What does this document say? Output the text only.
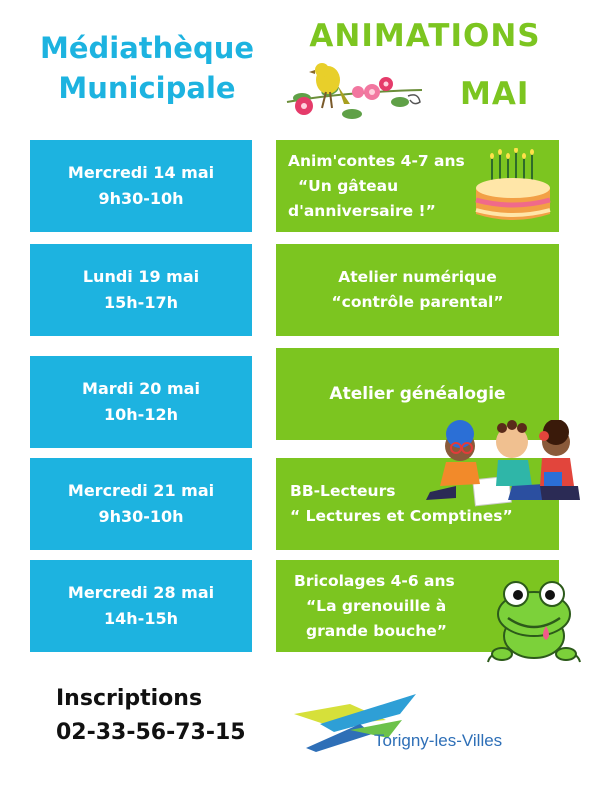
Médiathèque
Municipale
ANIMATIONS
MAI
Mercredi 14 mai
9h30-10h
Anim'contes 4-7 ans
“Un gâteau
d'anniversaire !”
Lundi 19 mai
15h-17h
Atelier numérique
“contrôle parental”
Mardi 20 mai
10h-12h
Atelier généalogie
Mercredi 21 mai
9h30-10h
BB-Lecteurs
“ Lectures et Comptines”
Mercredi 28 mai
14h-15h
Bricolages 4-6 ans
“La grenouille à
grande bouche”
Inscriptions
02-33-56-73-15	Torigny-les-Villes
